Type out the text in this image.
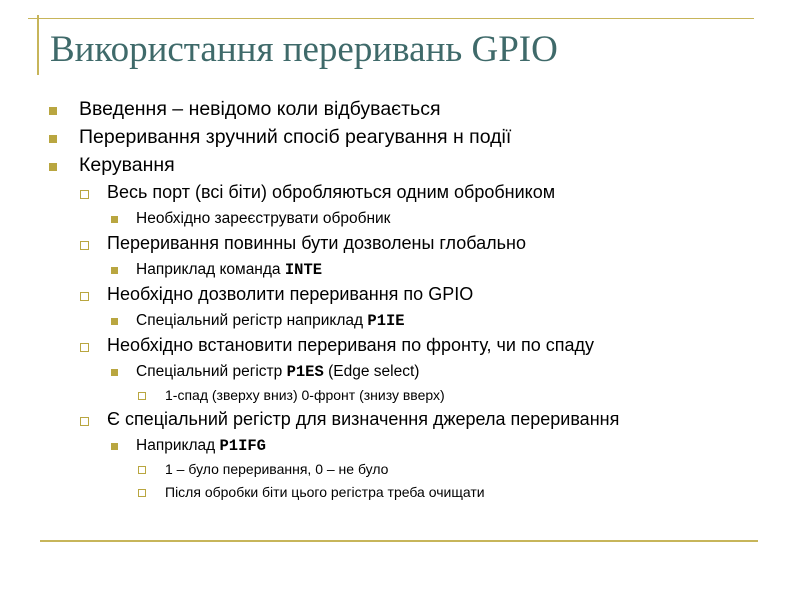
Використання переривань GPIO
Введення – невідомо коли відбувається
Переривання зручний спосіб реагування н події
Керування
Весь порт (всі біти) обробляються одним обробником
Необхідно зареєструвати обробник
Переривання повинны бути дозволены глобально
Наприклад команда INTE
Необхідно дозволити переривання по GPIO
Спеціальний регістр наприклад P1IE
Необхідно встановити перериваня по фронту, чи по спаду
Спеціальний регістр P1ES (Edge select)
1-спад (зверху вниз) 0-фронт (знизу вверх)
Є спеціальний регістр для визначення джерела переривання
Наприклад P1IFG
1 – було переривання, 0 – не було
Після обробки біти цього регістра треба очищати
